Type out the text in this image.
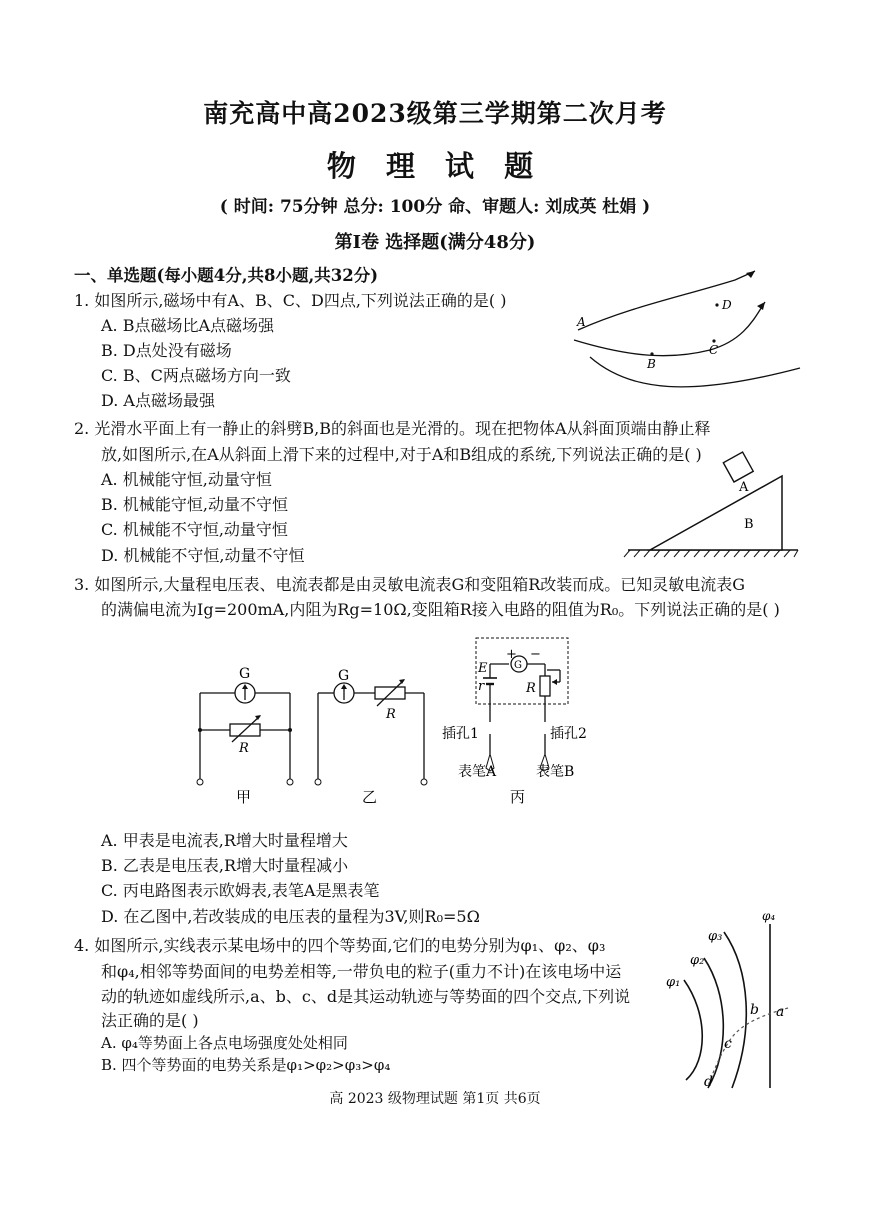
南充高中高2023级第三学期第二次月考
物 理 试 题
( 时间: 75分钟 总分: 100分 命、审题人: 刘成英 杜娟 )
第Ⅰ卷 选择题(满分48分)
一、单选题(每小题4分,共8小题,共32分)
1. 如图所示,磁场中有A、B、C、D四点,下列说法正确的是( )
A. B点磁场比A点磁场强
B. D点处没有磁场
C. B、C两点磁场方向一致
D. A点磁场最强
A
D
B
C
2. 光滑水平面上有一静止的斜劈B,B的斜面也是光滑的。现在把物体A从斜面顶端由静止释
放,如图所示,在A从斜面上滑下来的过程中,对于A和B组成的系统,下列说法正确的是( )
A. 机械能守恒,动量守恒
B. 机械能守恒,动量不守恒
C. 机械能不守恒,动量守恒
D. 机械能不守恒,动量不守恒
A
B
3. 如图所示,大量程电压表、电流表都是由灵敏电流表G和变阻箱R改装而成。已知灵敏电流表G
的满偏电流为Ig=200mA,内阻为Rg=10Ω,变阻箱R接入电路的阻值为R₀。下列说法正确的是( )
G
R
甲
G
R
乙
+ −
G
E
r	R
插孔1	插孔2
表笔A	表笔B
丙
A. 甲表是电流表,R增大时量程增大
B. 乙表是电压表,R增大时量程减小
C. 丙电路图表示欧姆表,表笔A是黑表笔
D. 在乙图中,若改装成的电压表的量程为3V,则R₀=5Ω
4. 如图所示,实线表示某电场中的四个等势面,它们的电势分别为φ₁、φ₂、φ₃
和φ₄,相邻等势面间的电势差相等,一带负电的粒子(重力不计)在该电场中运
动的轨迹如虚线所示,a、b、c、d是其运动轨迹与等势面的四个交点,下列说
法正确的是( )
A. φ₄等势面上各点电场强度处处相同
B. 四个等势面的电势关系是φ₁>φ₂>φ₃>φ₄
φ₄
φ₃
φ₂
φ₁
a
b
c
d
高 2023 级物理试题 第1页 共6页
